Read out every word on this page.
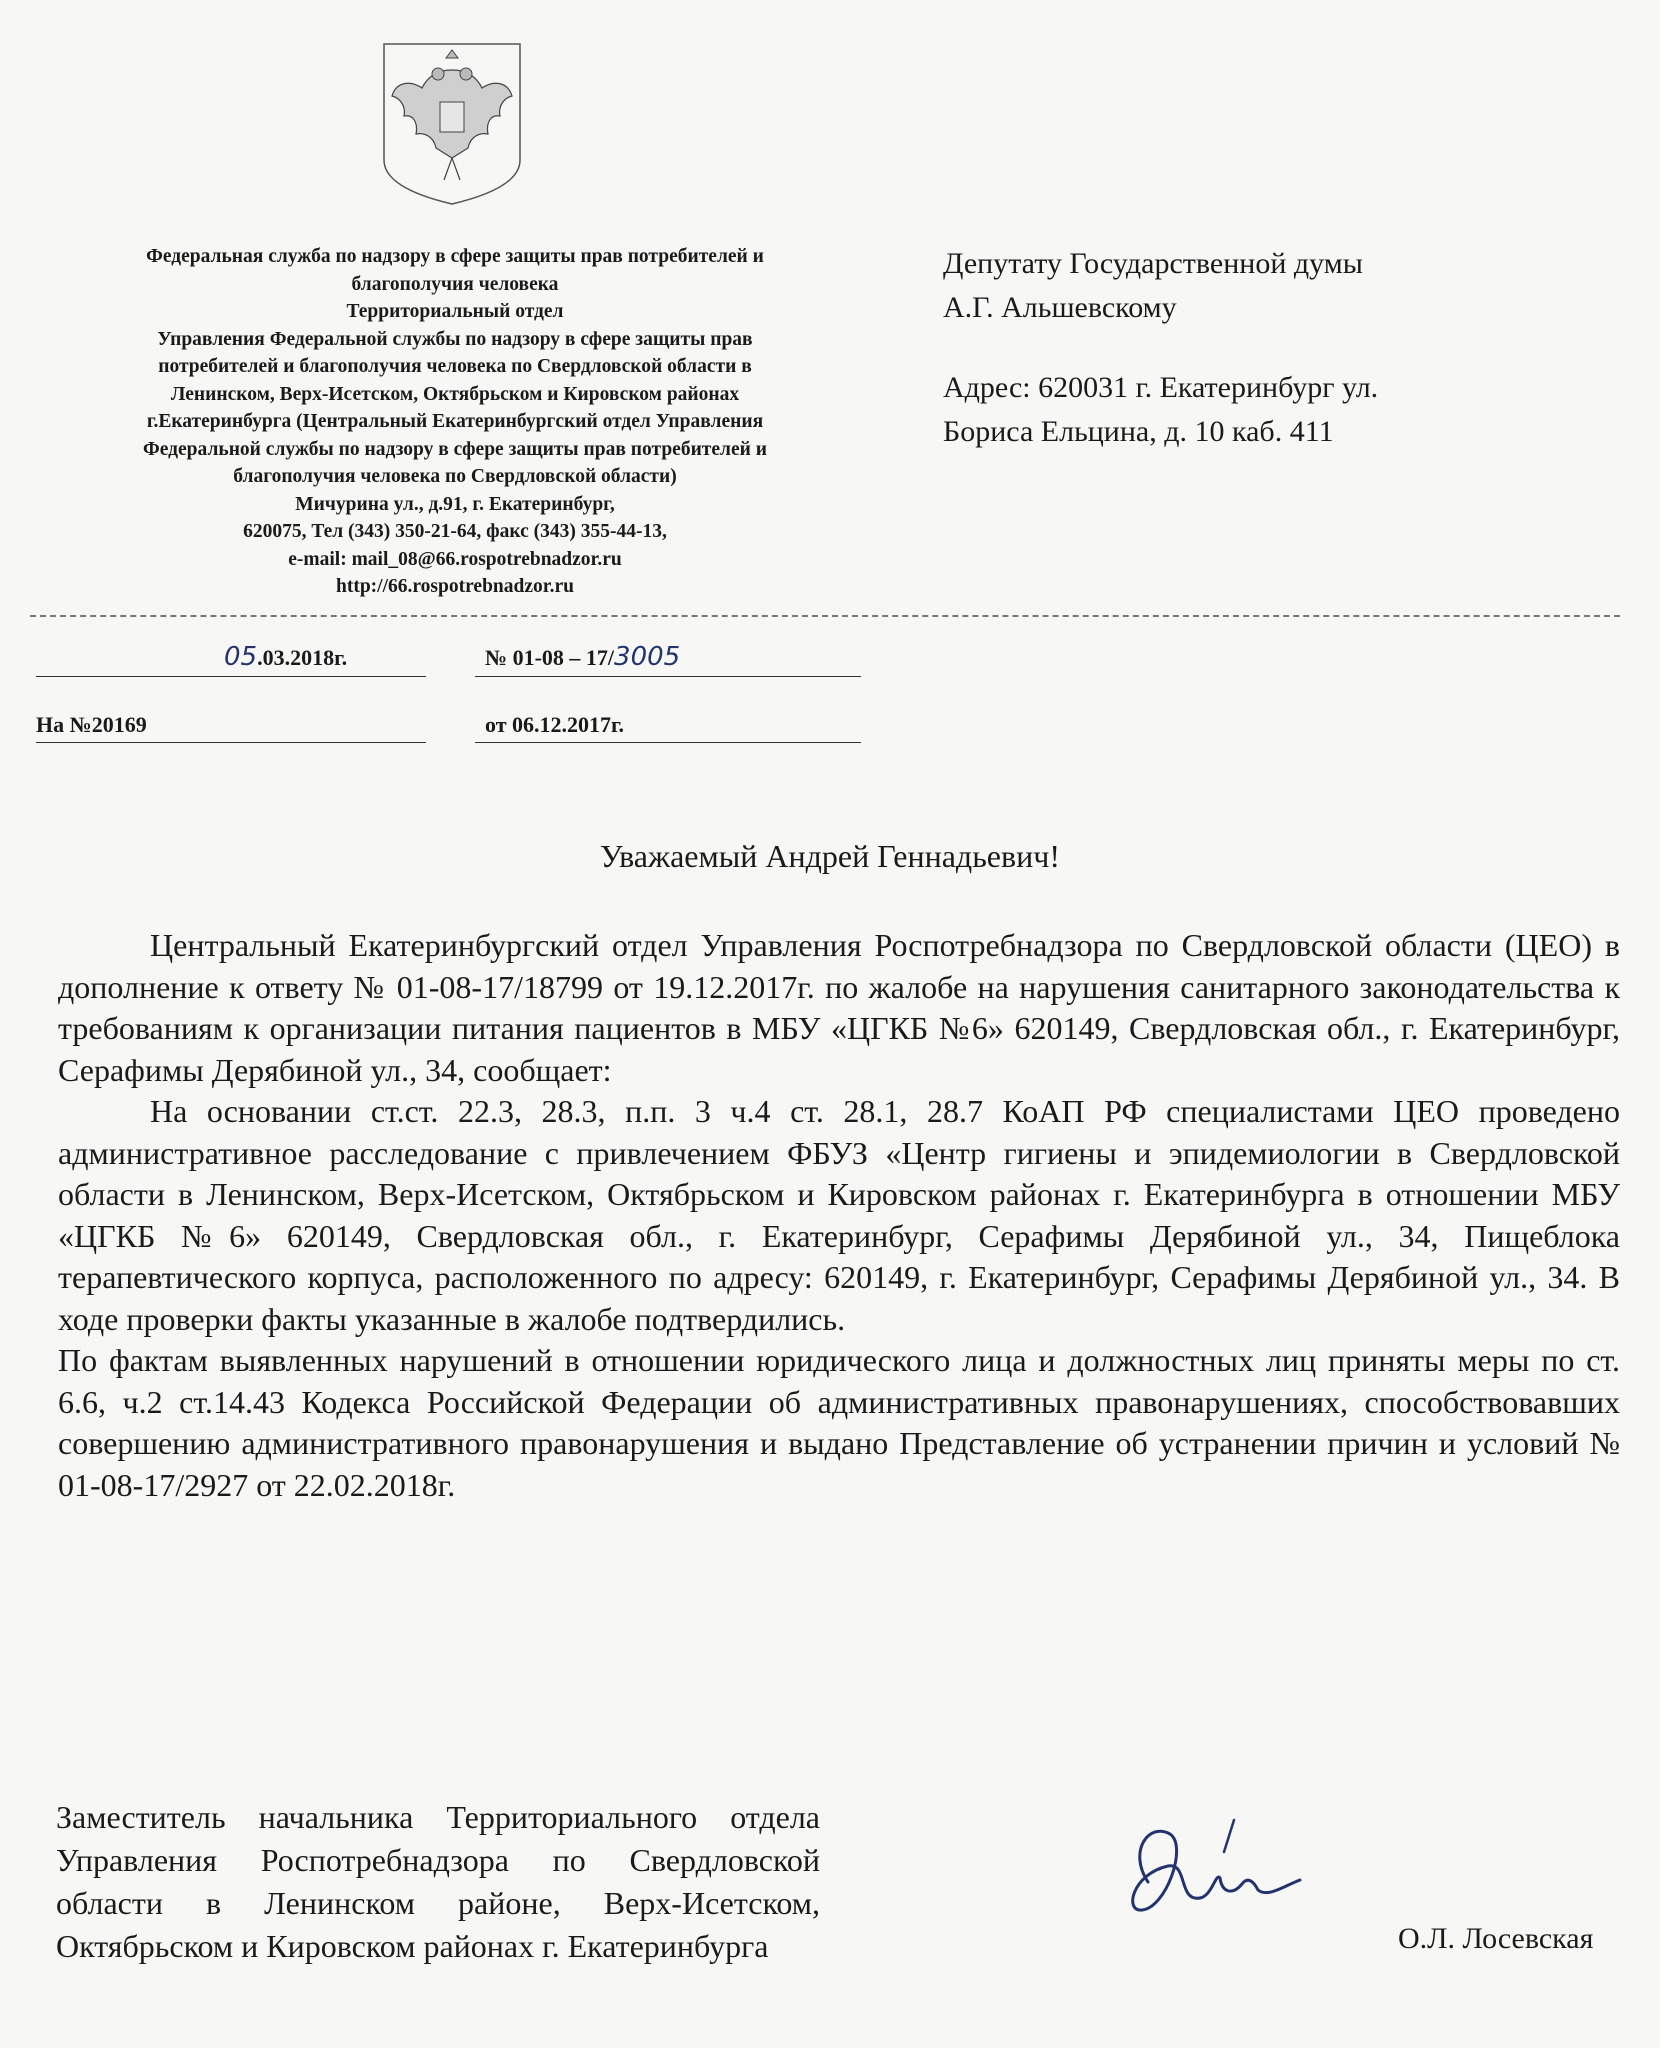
Федеральная служба по надзору в сфере защиты прав потребителей и
благополучия человека
Территориальный отдел
Управления Федеральной службы по надзору в сфере защиты прав
потребителей и благополучия человека по Свердловской области в
Ленинском, Верх-Исетском, Октябрьском и Кировском районах
г.Екатеринбурга (Центральный Екатеринбургский отдел Управления
Федеральной службы по надзору в сфере защиты прав потребителей и
благополучия человека по Свердловской области)
Мичурина ул., д.91, г. Екатеринбург,
620075, Тел (343) 350-21-64, факс (343) 355-44-13,
e-mail: mail_08@66.rospotrebnadzor.ru
http://66.rospotrebnadzor.ru
Депутату Государственной думы
А.Г. Альшевскому
Адрес: 620031 г. Екатеринбург ул.
Бориса Ельцина, д. 10 каб. 411
05.03.2018г.	№ 01-08 – 17/3005
На №20169	от 06.12.2017г.
Уважаемый Андрей Геннадьевич!

Центральный Екатеринбургский отдел Управления Роспотребнадзора по Свердловской области (ЦЕО) в дополнение к ответу № 01-08-17/18799 от 19.12.2017г. по жалобе на нарушения санитарного законодательства к требованиям к организации питания пациентов в МБУ «ЦГКБ №6» 620149, Свердловская обл., г. Екатеринбург, Серафимы Дерябиной ул., 34, сообщает:

На основании ст.ст. 22.3, 28.3, п.п. 3 ч.4 ст. 28.1, 28.7 КоАП РФ специалистами ЦЕО проведено административное расследование с привлечением ФБУЗ «Центр гигиены и эпидемиологии в Свердловской области в Ленинском, Верх-Исетском, Октябрьском и Кировском районах г. Екатеринбурга в отношении МБУ «ЦГКБ №6» 620149, Свердловская обл., г. Екатеринбург, Серафимы Дерябиной ул., 34, Пищеблока терапевтического корпуса, расположенного по адресу: 620149, г. Екатеринбург, Серафимы Дерябиной ул., 34. В ходе проверки факты указанные в жалобе подтвердились.

По фактам выявленных нарушений в отношении юридического лица и должностных лиц приняты меры по ст. 6.6, ч.2 ст.14.43 Кодекса Российской Федерации об административных правонарушениях, способствовавших совершению административного правонарушения и выдано Представление об устранении причин и условий № 01-08-17/2927 от 22.02.2018г.

Заместитель начальника Территориального отдела Управления Роспотребнадзора по Свердловской области в Ленинском районе, Верх-Исетском, Октябрьском и Кировском районах г. Екатеринбурга	О.Л. Лосевская
